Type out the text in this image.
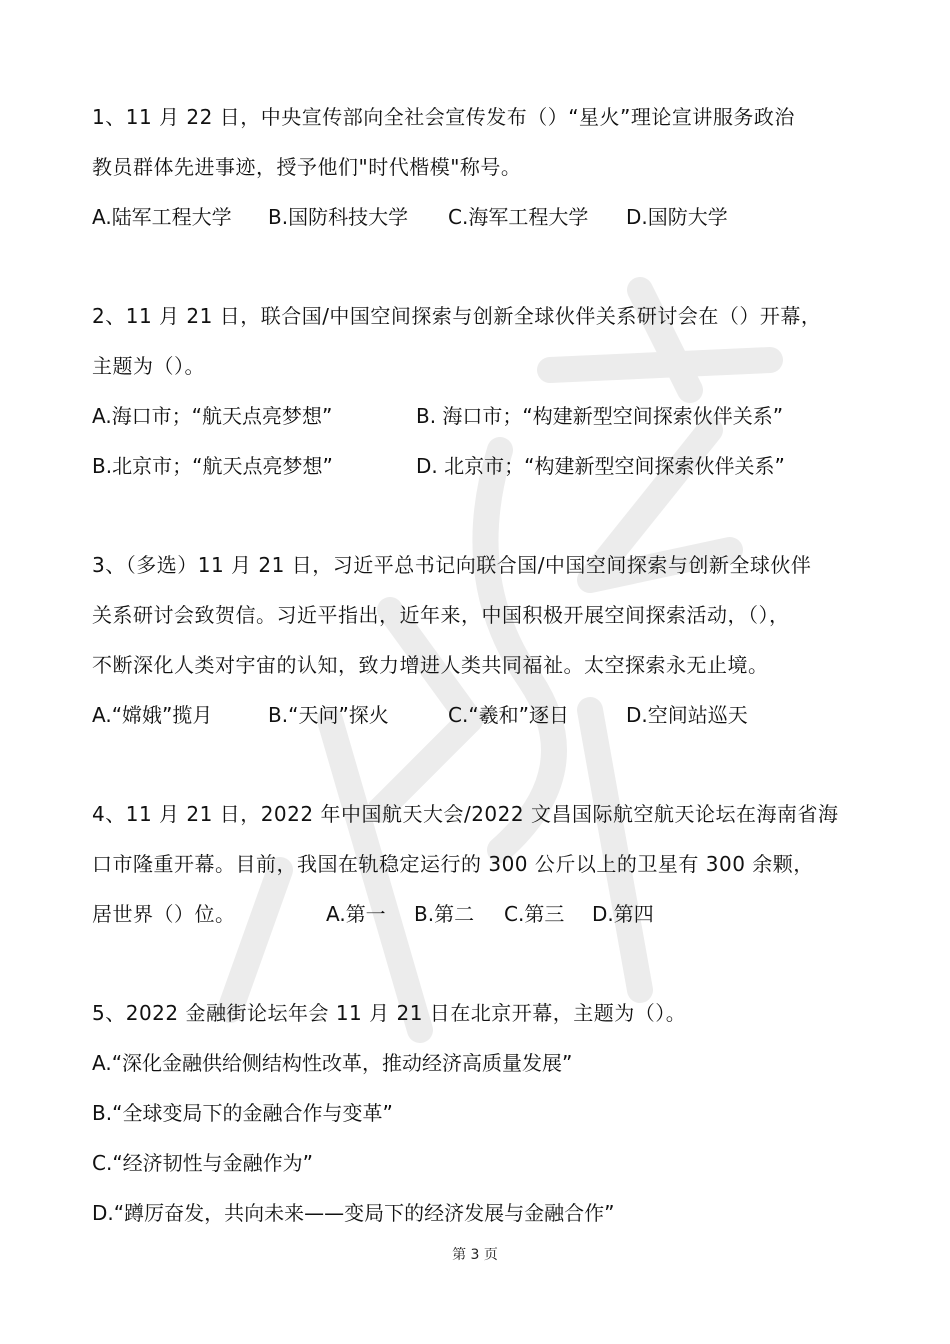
1、11 月 22 日，中央宣传部向全社会宣传发布（）“星火”理论宣讲服务政治
教员群体先进事迹，授予他们"时代楷模"称号。
A.陆军工程大学 B.国防科技大学 C.海军工程大学 D.国防大学
2、11 月 21 日，联合国/中国空间探索与创新全球伙伴关系研讨会在（）开幕，
主题为（）。
A.海口市；“航天点亮梦想”	B. 海口市；“构建新型空间探索伙伴关系”
B.北京市；“航天点亮梦想”	D. 北京市；“构建新型空间探索伙伴关系”
3、（多选）11 月 21 日，习近平总书记向联合国/中国空间探索与创新全球伙伴
关系研讨会致贺信。习近平指出，近年来，中国积极开展空间探索活动，（），
不断深化人类对宇宙的认知，致力增进人类共同福祉。太空探索永无止境。
A.“嫦娥”揽月	B.“天问”探火	C.“羲和”逐日	D.空间站巡天
4、11 月 21 日，2022 年中国航天大会/2022 文昌国际航空航天论坛在海南省海
口市隆重开幕。目前，我国在轨稳定运行的 300 公斤以上的卫星有 300 余颗，
居世界（）位。	A.第一 B.第二 C.第三 D.第四
5、2022 金融街论坛年会 11 月 21 日在北京开幕，主题为（）。
A.“深化金融供给侧结构性改革，推动经济高质量发展”
B.“全球变局下的金融合作与变革”
C.“经济韧性与金融作为”
D.“蹲厉奋发，共向未来——变局下的经济发展与金融合作”
第 3 页
